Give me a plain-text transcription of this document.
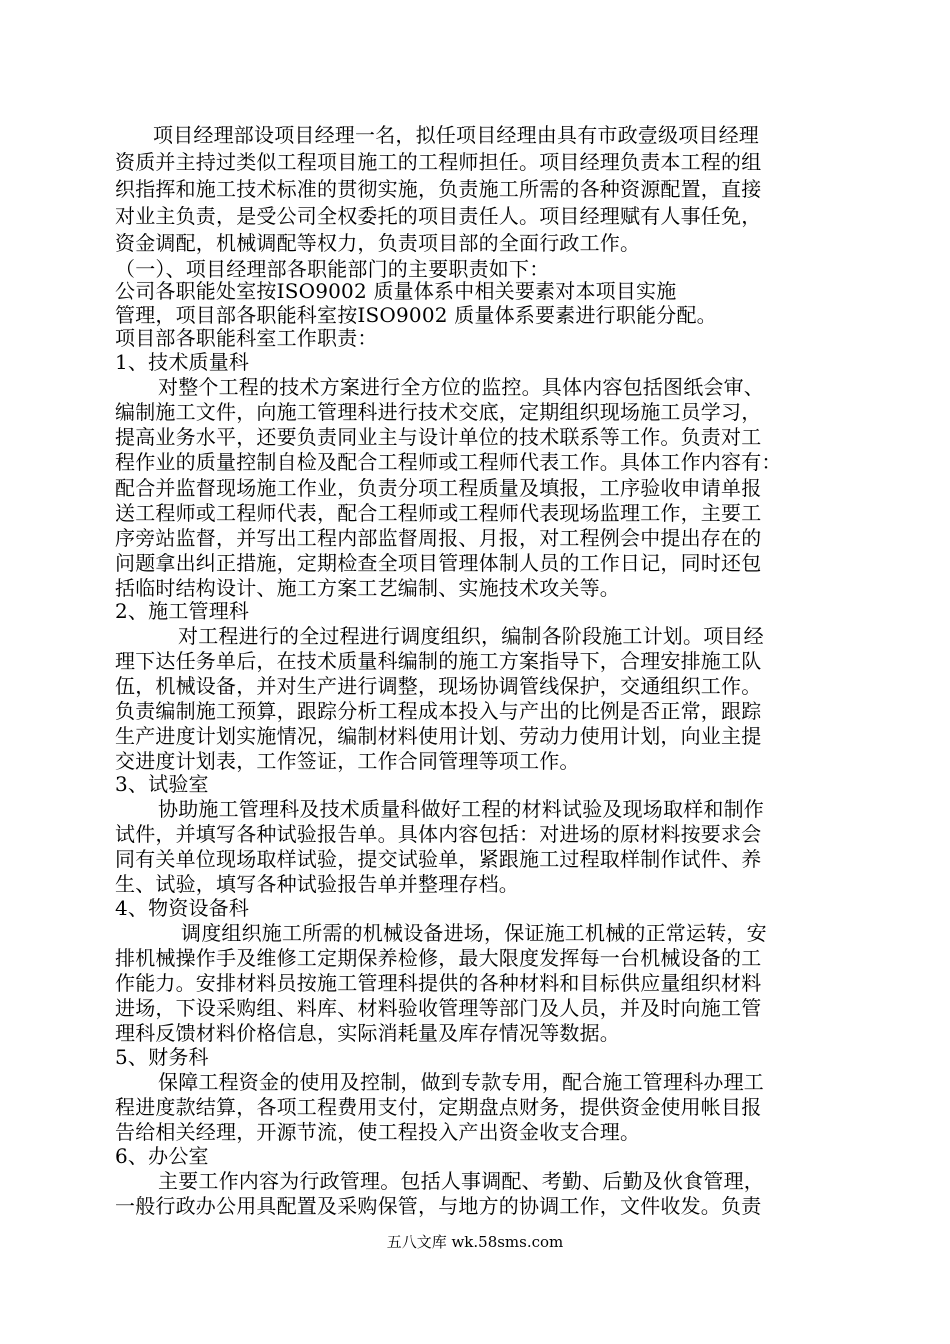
项目经理部设项目经理一名，拟任项目经理由具有市政壹级项目经理
资质并主持过类似工程项目施工的工程师担任。项目经理负责本工程的组
织指挥和施工技术标准的贯彻实施，负责施工所需的各种资源配置，直接
对业主负责，是受公司全权委托的项目责任人。项目经理赋有人事任免，
资金调配，机械调配等权力，负责项目部的全面行政工作。
（一）、项目经理部各职能部门的主要职责如下：
公司各职能处室按ISO9002 质量体系中相关要素对本项目实施
管理，项目部各职能科室按ISO9002 质量体系要素进行职能分配。
项目部各职能科室工作职责：
1、技术质量科
对整个工程的技术方案进行全方位的监控。具体内容包括图纸会审、
编制施工文件，向施工管理科进行技术交底，定期组织现场施工员学习，
提高业务水平，还要负责同业主与设计单位的技术联系等工作。负责对工
程作业的质量控制自检及配合工程师或工程师代表工作。具体工作内容有：
配合并监督现场施工作业，负责分项工程质量及填报，工序验收申请单报
送工程师或工程师代表，配合工程师或工程师代表现场监理工作，主要工
序旁站监督，并写出工程内部监督周报、月报，对工程例会中提出存在的
问题拿出纠正措施，定期检查全项目管理体制人员的工作日记，同时还包
括临时结构设计、施工方案工艺编制、实施技术攻关等。
2、施工管理科
对工程进行的全过程进行调度组织，编制各阶段施工计划。项目经
理下达任务单后，在技术质量科编制的施工方案指导下，合理安排施工队
伍，机械设备，并对生产进行调整，现场协调管线保护，交通组织工作。
负责编制施工预算，跟踪分析工程成本投入与产出的比例是否正常，跟踪
生产进度计划实施情况，编制材料使用计划、劳动力使用计划，向业主提
交进度计划表，工作签证，工作合同管理等项工作。
3、试验室
协助施工管理科及技术质量科做好工程的材料试验及现场取样和制作
试件，并填写各种试验报告单。具体内容包括：对进场的原材料按要求会
同有关单位现场取样试验，提交试验单，紧跟施工过程取样制作试件、养
生、试验，填写各种试验报告单并整理存档。
4、物资设备科
调度组织施工所需的机械设备进场，保证施工机械的正常运转，安
排机械操作手及维修工定期保养检修，最大限度发挥每一台机械设备的工
作能力。安排材料员按施工管理科提供的各种材料和目标供应量组织材料
进场，下设采购组、料库、材料验收管理等部门及人员，并及时向施工管
理科反馈材料价格信息，实际消耗量及库存情况等数据。
5、财务科
保障工程资金的使用及控制，做到专款专用，配合施工管理科办理工
程进度款结算，各项工程费用支付，定期盘点财务，提供资金使用帐目报
告给相关经理，开源节流，使工程投入产出资金收支合理。
6、办公室
主要工作内容为行政管理。包括人事调配、考勤、后勤及伙食管理，
一般行政办公用具配置及采购保管，与地方的协调工作，文件收发。负责
五八文库 wk.58sms.com
